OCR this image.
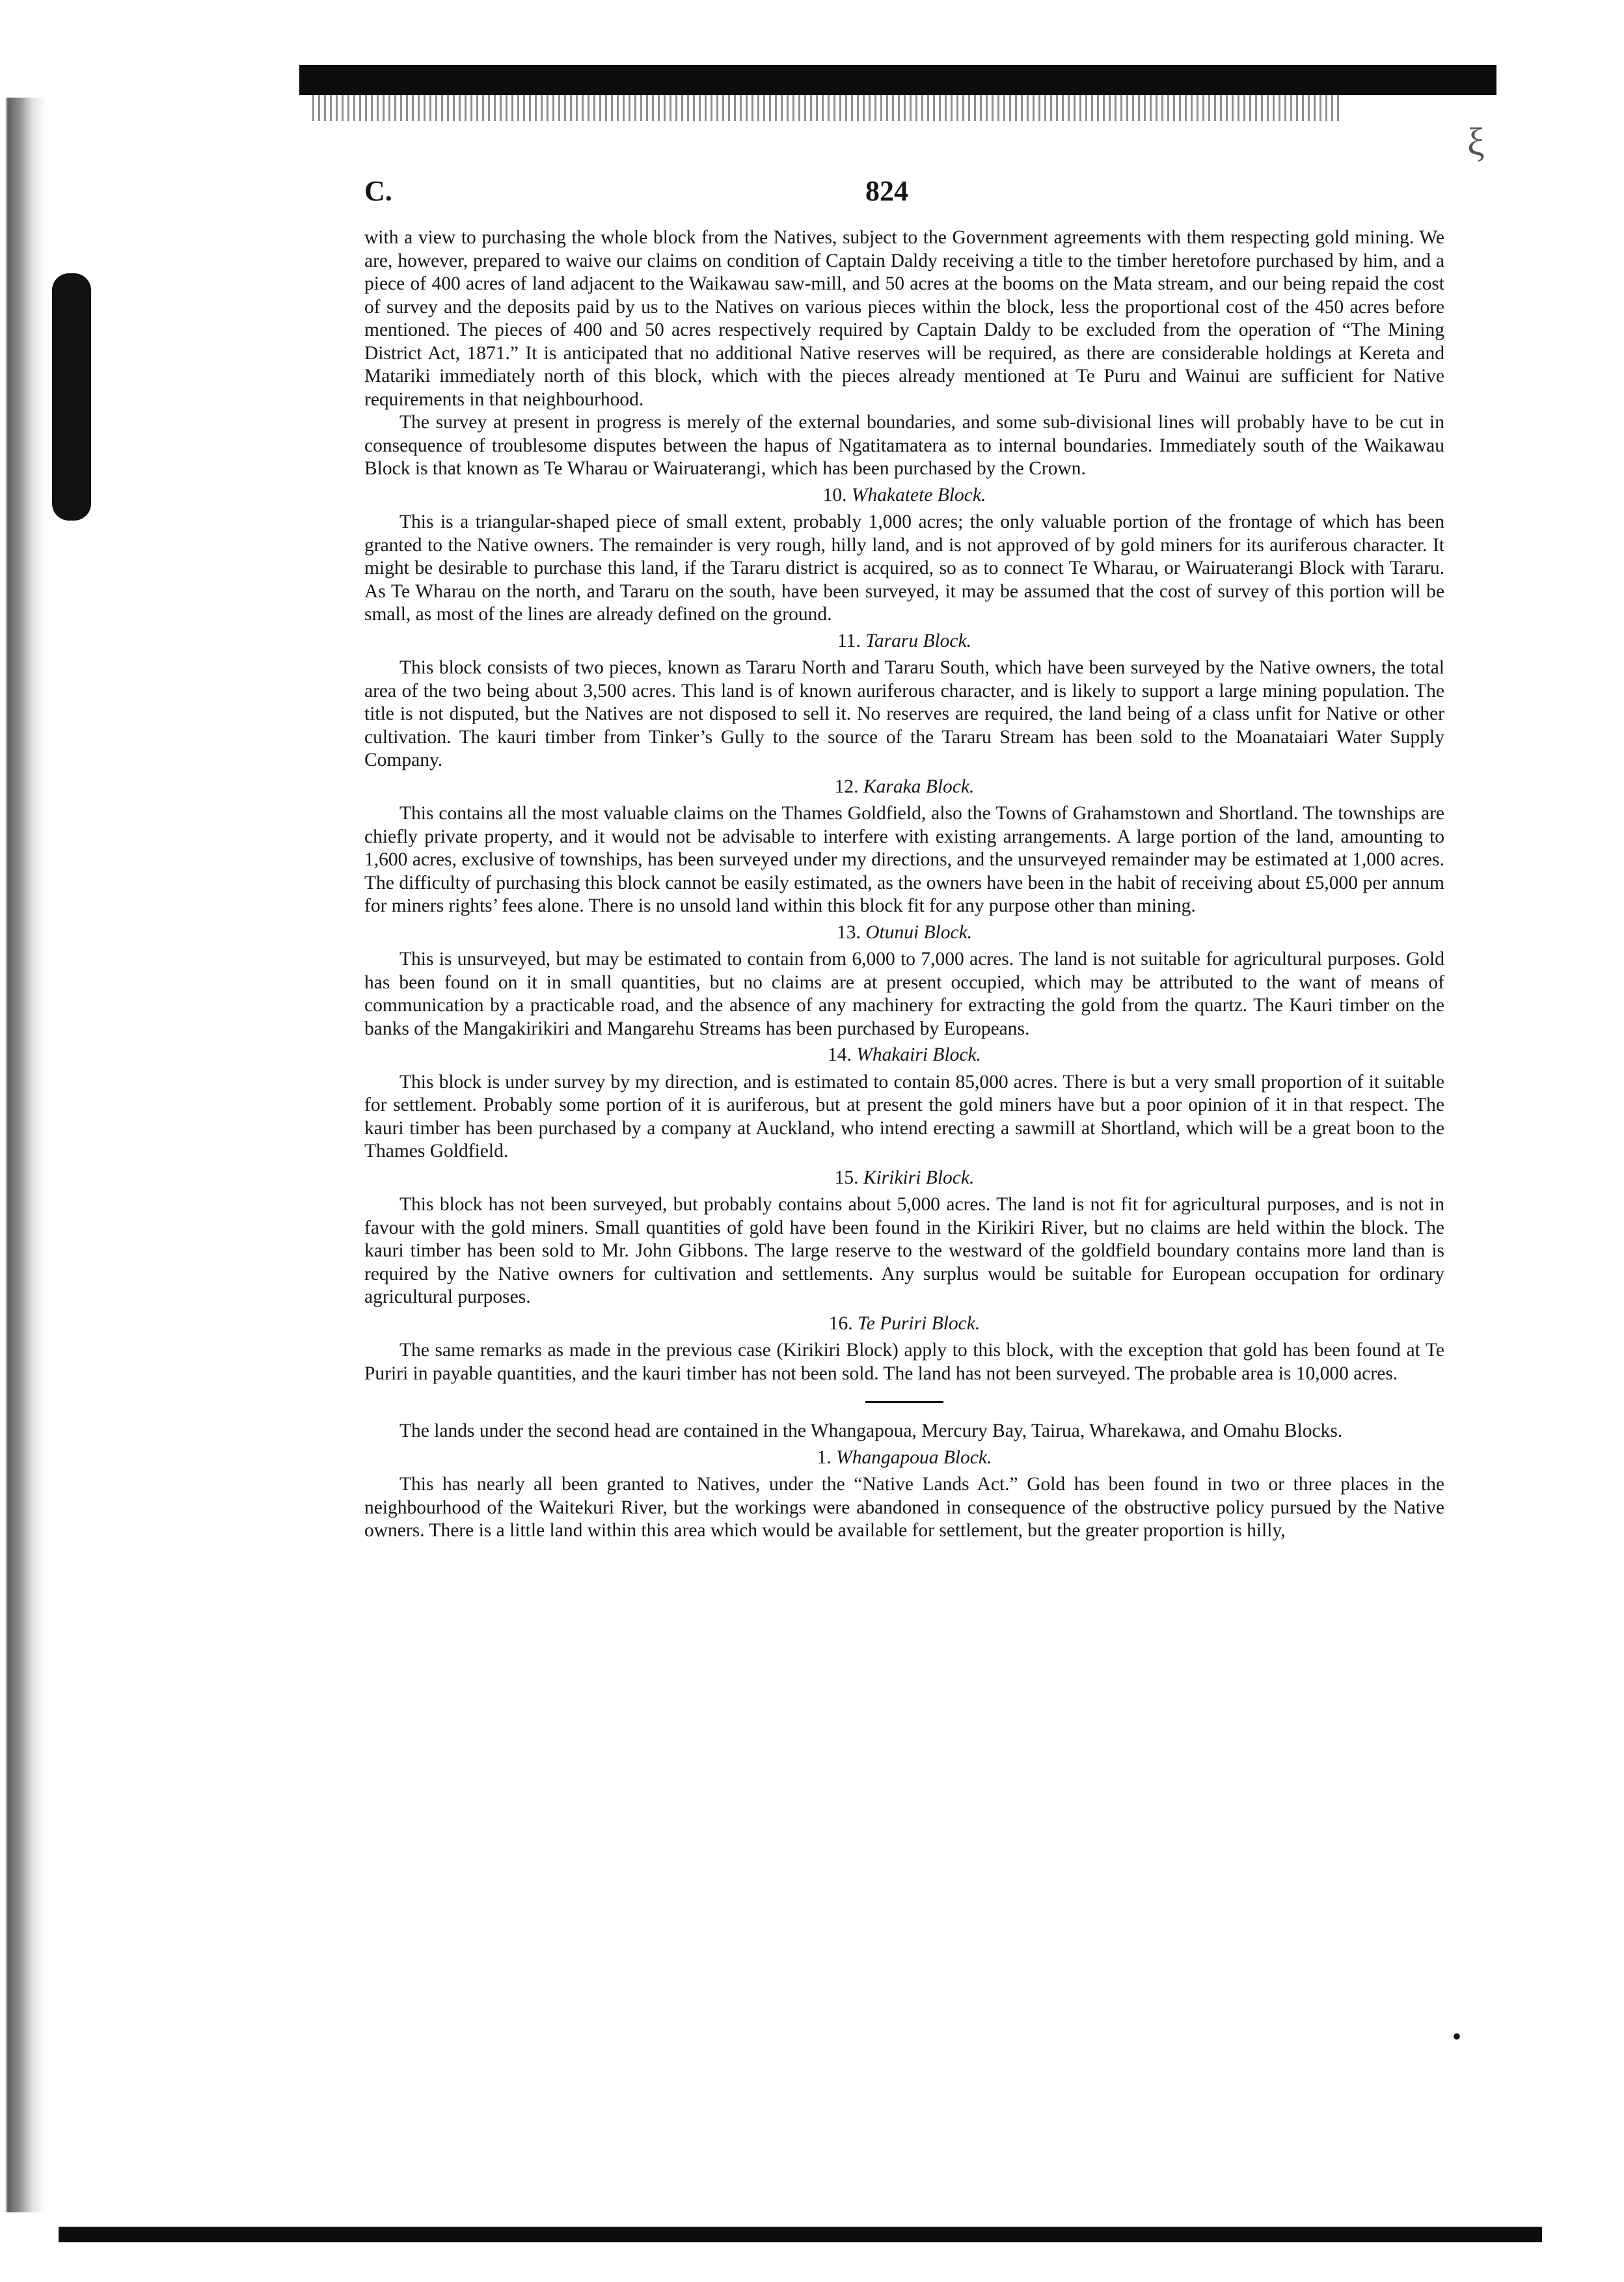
ξ
•
C.	824

with a view to purchasing the whole block from the Natives, subject to the Government agreements with them respecting gold mining. We are, however, prepared to waive our claims on condition of Captain Daldy receiving a title to the timber heretofore purchased by him, and a piece of 400 acres of land adjacent to the Waikawau saw-mill, and 50 acres at the booms on the Mata stream, and our being repaid the cost of survey and the deposits paid by us to the Natives on various pieces within the block, less the proportional cost of the 450 acres before mentioned. The pieces of 400 and 50 acres respectively required by Captain Daldy to be excluded from the operation of “The Mining District Act, 1871.” It is anticipated that no additional Native reserves will be required, as there are considerable holdings at Kereta and Matariki immediately north of this block, which with the pieces already mentioned at Te Puru and Wainui are sufficient for Native requirements in that neighbourhood.

The survey at present in progress is merely of the external boundaries, and some sub-divisional lines will probably have to be cut in consequence of troublesome disputes between the hapus of Ngatitamatera as to internal boundaries. Immediately south of the Waikawau Block is that known as Te Wharau or Wairuaterangi, which has been purchased by the Crown.

10. Whakatete Block.

This is a triangular-shaped piece of small extent, probably 1,000 acres; the only valuable portion of the frontage of which has been granted to the Native owners. The remainder is very rough, hilly land, and is not approved of by gold miners for its auriferous character. It might be desirable to purchase this land, if the Tararu district is acquired, so as to connect Te Wharau, or Wairuaterangi Block with Tararu. As Te Wharau on the north, and Tararu on the south, have been surveyed, it may be assumed that the cost of survey of this portion will be small, as most of the lines are already defined on the ground.

11. Tararu Block.

This block consists of two pieces, known as Tararu North and Tararu South, which have been surveyed by the Native owners, the total area of the two being about 3,500 acres. This land is of known auriferous character, and is likely to support a large mining population. The title is not disputed, but the Natives are not disposed to sell it. No reserves are required, the land being of a class unfit for Native or other cultivation. The kauri timber from Tinker’s Gully to the source of the Tararu Stream has been sold to the Moanataiari Water Supply Company.

12. Karaka Block.

This contains all the most valuable claims on the Thames Goldfield, also the Towns of Grahamstown and Shortland. The townships are chiefly private property, and it would not be advisable to interfere with existing arrangements. A large portion of the land, amounting to 1,600 acres, exclusive of townships, has been surveyed under my directions, and the unsurveyed remainder may be estimated at 1,000 acres. The difficulty of purchasing this block cannot be easily estimated, as the owners have been in the habit of receiving about £5,000 per annum for miners rights’ fees alone. There is no unsold land within this block fit for any purpose other than mining.

13. Otunui Block.

This is unsurveyed, but may be estimated to contain from 6,000 to 7,000 acres. The land is not suitable for agricultural purposes. Gold has been found on it in small quantities, but no claims are at present occupied, which may be attributed to the want of means of communication by a practicable road, and the absence of any machinery for extracting the gold from the quartz. The Kauri timber on the banks of the Mangakirikiri and Mangarehu Streams has been purchased by Europeans.

14. Whakairi Block.

This block is under survey by my direction, and is estimated to contain 85,000 acres. There is but a very small proportion of it suitable for settlement. Probably some portion of it is auriferous, but at present the gold miners have but a poor opinion of it in that respect. The kauri timber has been purchased by a company at Auckland, who intend erecting a sawmill at Shortland, which will be a great boon to the Thames Goldfield.

15. Kirikiri Block.

This block has not been surveyed, but probably contains about 5,000 acres. The land is not fit for agricultural purposes, and is not in favour with the gold miners. Small quantities of gold have been found in the Kirikiri River, but no claims are held within the block. The kauri timber has been sold to Mr. John Gibbons. The large reserve to the westward of the goldfield boundary contains more land than is required by the Native owners for cultivation and settlements. Any surplus would be suitable for European occupation for ordinary agricultural purposes.

16. Te Puriri Block.

The same remarks as made in the previous case (Kirikiri Block) apply to this block, with the exception that gold has been found at Te Puriri in payable quantities, and the kauri timber has not been sold. The land has not been surveyed. The probable area is 10,000 acres.

The lands under the second head are contained in the Whangapoua, Mercury Bay, Tairua, Wharekawa, and Omahu Blocks.

1. Whangapoua Block.

This has nearly all been granted to Natives, under the “Native Lands Act.” Gold has been found in two or three places in the neighbourhood of the Waitekuri River, but the workings were abandoned in consequence of the obstructive policy pursued by the Native owners. There is a little land within this area which would be available for settlement, but the greater proportion is hilly,
